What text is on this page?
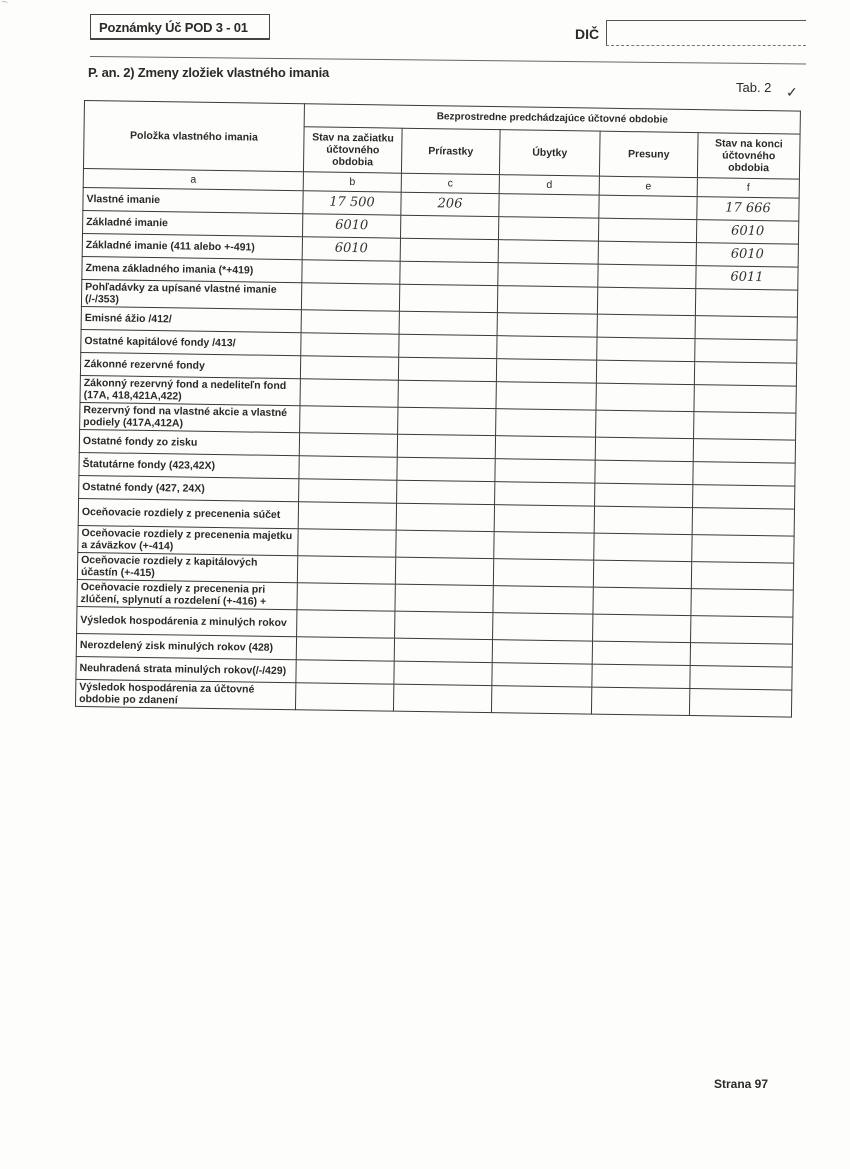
|
Poznámky Úč POD 3 - 01	DIČ
P. an. 2) Zmeny zložiek vlastného imania
Tab. 2 ✓
Položka vlastného imania	Bezprostredne predchádzajúce účtovné obdobie				
	Stav na začiatku účtovného obdobia	Prírastky	Úbytky	Presuny	Stav na konci účtovného obdobia
a	b	c	d	e	f
Vlastné imanie	17 500	206			17 666
Základné imanie	6010				6010
Základné imanie (411 alebo +-491)	6010				6010
Zmena základného imania (*+419)					6011
Pohľadávky za upísané vlastné imanie (/-/353)					
Emisné ážio /412/					
Ostatné kapitálové fondy /413/					
Zákonné rezervné fondy					
Zákonný rezervný fond a nedeliteľn fond (17A, 418,421A,422)					
Rezervný fond na vlastné akcie a vlastné podiely (417A,412A)					
Ostatné fondy zo zisku					
Štatutárne fondy (423,42X)					
Ostatné fondy (427, 24X)					
Oceňovacie rozdiely z precenenia súčet					
Oceňovacie rozdiely z precenenia majetku a záväzkov (+-414)					
Oceňovacie rozdiely z kapitálových účastín (+-415)					
Oceňovacie rozdiely z precenenia pri zlúčení, splynutí a rozdelení (+-416) +					
Výsledok hospodárenia z minulých rokov					
Nerozdelený zisk minulých rokov (428)					
Neuhradená strata minulých rokov(/-/429)					
Výsledok hospodárenia za účtovné obdobie po zdanení					
Strana 97
